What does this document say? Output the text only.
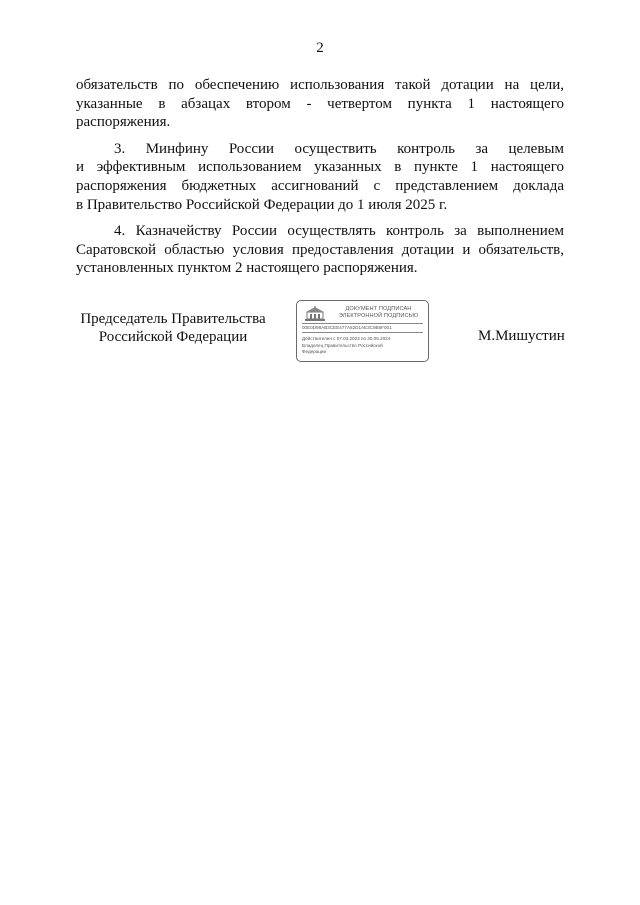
2

обязательств по обеспечению использования такой дотации на цели,
указанные в абзацах втором - четвертом пункта 1 настоящего
распоряжения.

3. Минфину России осуществить контроль за целевым
и эффективным использованием указанных в пункте 1 настоящего
распоряжения бюджетных ассигнований с представлением доклада
в Правительство Российской Федерации до 1 июля 2025 г.

4. Казначейству России осуществлять контроль за выполнением
Саратовской областью условия предоставления дотации и обязательств,
установленных пунктом 2 настоящего распоряжения.

Председатель Правительства
Российской Федерации
ДОКУМЕНТ ПОДПИСАН
ЭЛЕКТРОННОЙ ПОДПИСЬЮ
00E0D98AB3CEE477A82D1AE3C9B6F001
Действителен с 07.03.2023 по 30.05.2024
Владелец Правительство Российской
Федерации
М.Мишустин
